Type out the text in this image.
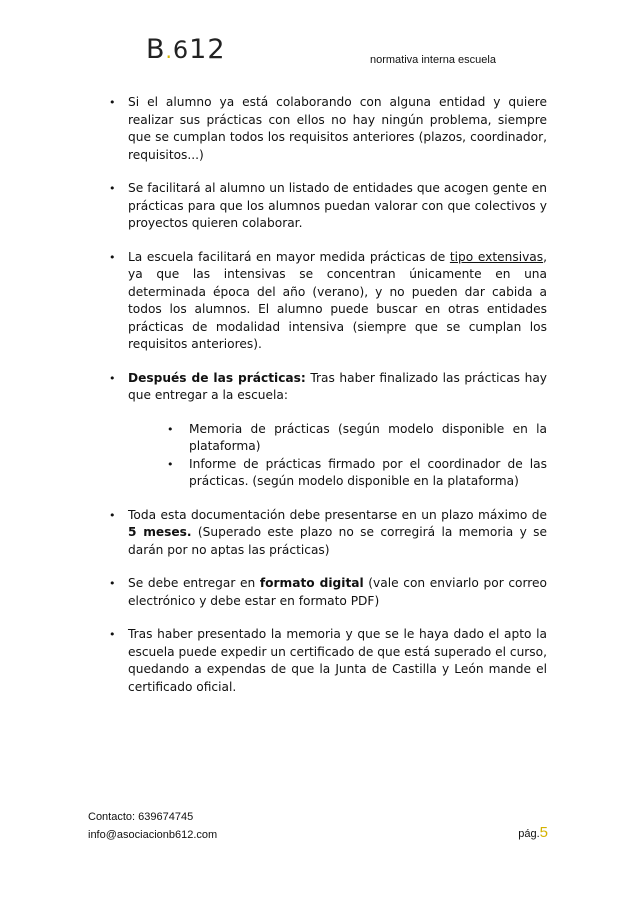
B.612	normativa interna escuela
•	Si el alumno ya está colaborando con alguna entidad y quiere realizar sus prácticas con ellos no hay ningún problema, siempre que se cumplan todos los requisitos anteriores (plazos, coordinador, requisitos...)
•	Se facilitará al alumno un listado de entidades que acogen gente en prácticas para que los alumnos puedan valorar con que colectivos y proyectos quieren colaborar.
•	La escuela facilitará en mayor medida prácticas de tipo extensivas, ya que las intensivas se concentran únicamente en una determinada época del año (verano), y no pueden dar cabida a todos los alumnos. El alumno puede buscar en otras entidades prácticas de modalidad intensiva (siempre que se cumplan los requisitos anteriores).
•	Después de las prácticas: Tras haber finalizado las prácticas hay que entregar a la escuela:
•	Memoria de prácticas (según modelo disponible en la plataforma)
•	Informe de prácticas firmado por el coordinador de las prácticas. (según modelo disponible en la plataforma)
•	Toda esta documentación debe presentarse en un plazo máximo de 5 meses. (Superado este plazo no se corregirá la memoria y se darán por no aptas las prácticas)
•	Se debe entregar en formato digital (vale con enviarlo por correo electrónico y debe estar en formato PDF)
•	Tras haber presentado la memoria y que se le haya dado el apto la escuela puede expedir un certificado de que está superado el curso, quedando a expendas de que la Junta de Castilla y León mande el certificado oficial.
Contacto: 639674745
info@asociacionb612.com	pág.5
